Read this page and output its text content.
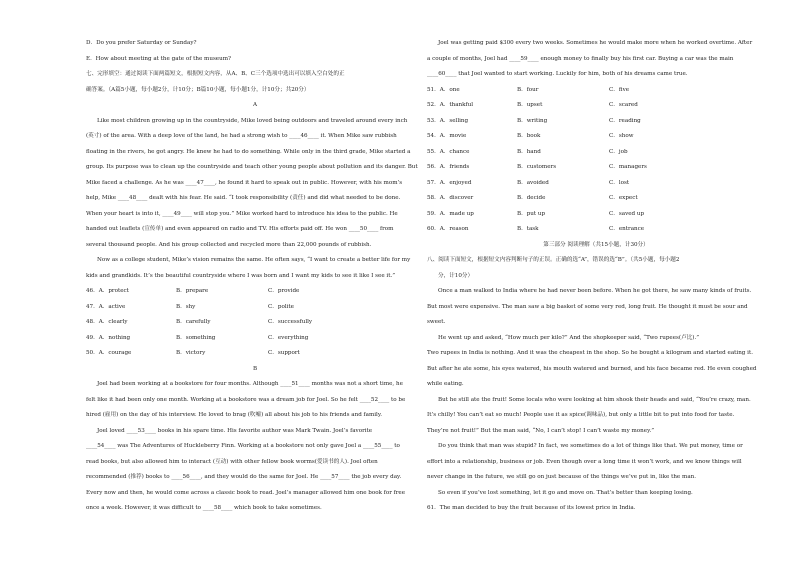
D．Do you prefer Saturday or Sunday?

E．How about meeting at the gate of the museum?

七、完形填空：通过阅读下面两篇短文，根据短文内容，从A、B、C三个选项中选出可以填入空白处的正

确答案。（A篇5小题，每小题2分，计10分；B篇10小题，每小题1分，计10分；共20分）

A

Like most children growing up in the countryside, Mike loved being outdoors and traveled around every inch

(英寸) of the area. With a deep love of the land, he had a strong wish to ____46____ it. When Mike saw rubbish

floating in the rivers, he got angry. He knew he had to do something. While only in the third grade, Mike started a

group. Its purpose was to clean up the countryside and teach other young people about pollution and its danger. But

Mike faced a challenge. As he was ____47____, he found it hard to speak out in public. However, with his mom’s

help, Mike ____48____ dealt with his fear. He said. “I took responsibility (责任) and did what needed to be done.

When your heart is into it, ____49____ will stop you.” Mike worked hard to introduce his idea to the public. He

handed out leaflets (宣传单) and even appeared on radio and TV. His efforts paid off. He won ____50____ from

several thousand people. And his group collected and recycled more than 22,000 pounds of rubbish.

Now as a college student, Mike’s vision remains the same. He often says, “I want to create a better life for my

kids and grandkids. It’s the beautiful countryside where I was born and I want my kids to see it like I see it.”

46．A．protect	B．prepare	C．provide
47．A．active	B．shy	C．polite
48．A．clearly	B．carefully	C．successfully
49．A．nothing	B．something	C．everything
50．A．courage	B．victory	C．support

B

Joel had been working at a bookstore for four months. Although ____51____ months was not a short time, he

felt like it had been only one month. Working at a bookstore was a dream job for Joel. So he felt ____52____ to be

hired (雇用) on the day of his interview. He loved to brag (吹嘘) all about his job to his friends and family.

Joel loved ____53____ books in his spare time. His favorite author was Mark Twain. Joel’s favorite

____54____ was The Adventures of Huckleberry Finn. Working at a bookstore not only gave Joel a ____55____ to

read books, but also allowed him to interact (互动) with other fellow book worms(爱读书的人). Joel often

recommended (推荐) books to ____56____, and they would do the same for Joel. He ____57____ the job every day.

Every now and then, he would come across a classic book to read. Joel’s manager allowed him one book for free

once a week. However, it was difficult to ____58____ which book to take sometimes.

Joel was getting paid $300 every two weeks. Sometimes he would make more when he worked overtime. After

a couple of months, Joel had ____59____ enough money to finally buy his first car. Buying a car was the main

____60____ that Joel wanted to start working. Luckily for him, both of his dreams came true.

51．A．one	B．four	C．five
52．A．thankful	B．upset	C．scared
53．A．selling	B．writing	C．reading
54．A．movie	B．book	C．show
55．A．chance	B．hand	C．job
56．A．friends	B．customers	C．managers
57．A．enjoyed	B．avoided	C．lost
58．A．discover	B．decide	C．expect
59．A．made up	B．put up	C．saved up
60．A．reason	B．task	C．entrance

第三部分 阅读理解（共15小题，计30分）

八、阅读下面短文，根据短文内容判断句子的正误。正确的选“A”，错误的选“B”。（共5小题，每小题2

分，计10分）

Once a man walked to India where he had never been before. When he got there, he saw many kinds of fruits.

But most were expensive. The man saw a big basket of some very red, long fruit. He thought it must be sour and

sweet.

He went up and asked, “How much per kilo?” And the shopkeeper said, “Two rupees(卢比).”

Two rupees in India is nothing. And it was the cheapest in the shop. So he bought a kilogram and started eating it.

But after he ate some, his eyes watered, his mouth watered and burned, and his face became red. He even coughed

while eating.

But he still ate the fruit! Some locals who were looking at him shook their heads and said, “You’re crazy, man.

It’s chilly! You can’t eat so much! People use it as spice(调味品), but only a little bit to put into food for taste.

They’re not fruit!” But the man said, “No, I can’t stop! I can’t waste my money.”

Do you think that man was stupid? In fact, we sometimes do a lot of things like that. We put money, time or

effort into a relationship, business or job. Even though over a long time it won’t work, and we know things will

never change in the future, we still go on just because of the things we’ve put in, like the man.

So even if you’ve lost something, let it go and move on. That’s better than keeping losing.

61．The man decided to buy the fruit because of its lowest price in India.
